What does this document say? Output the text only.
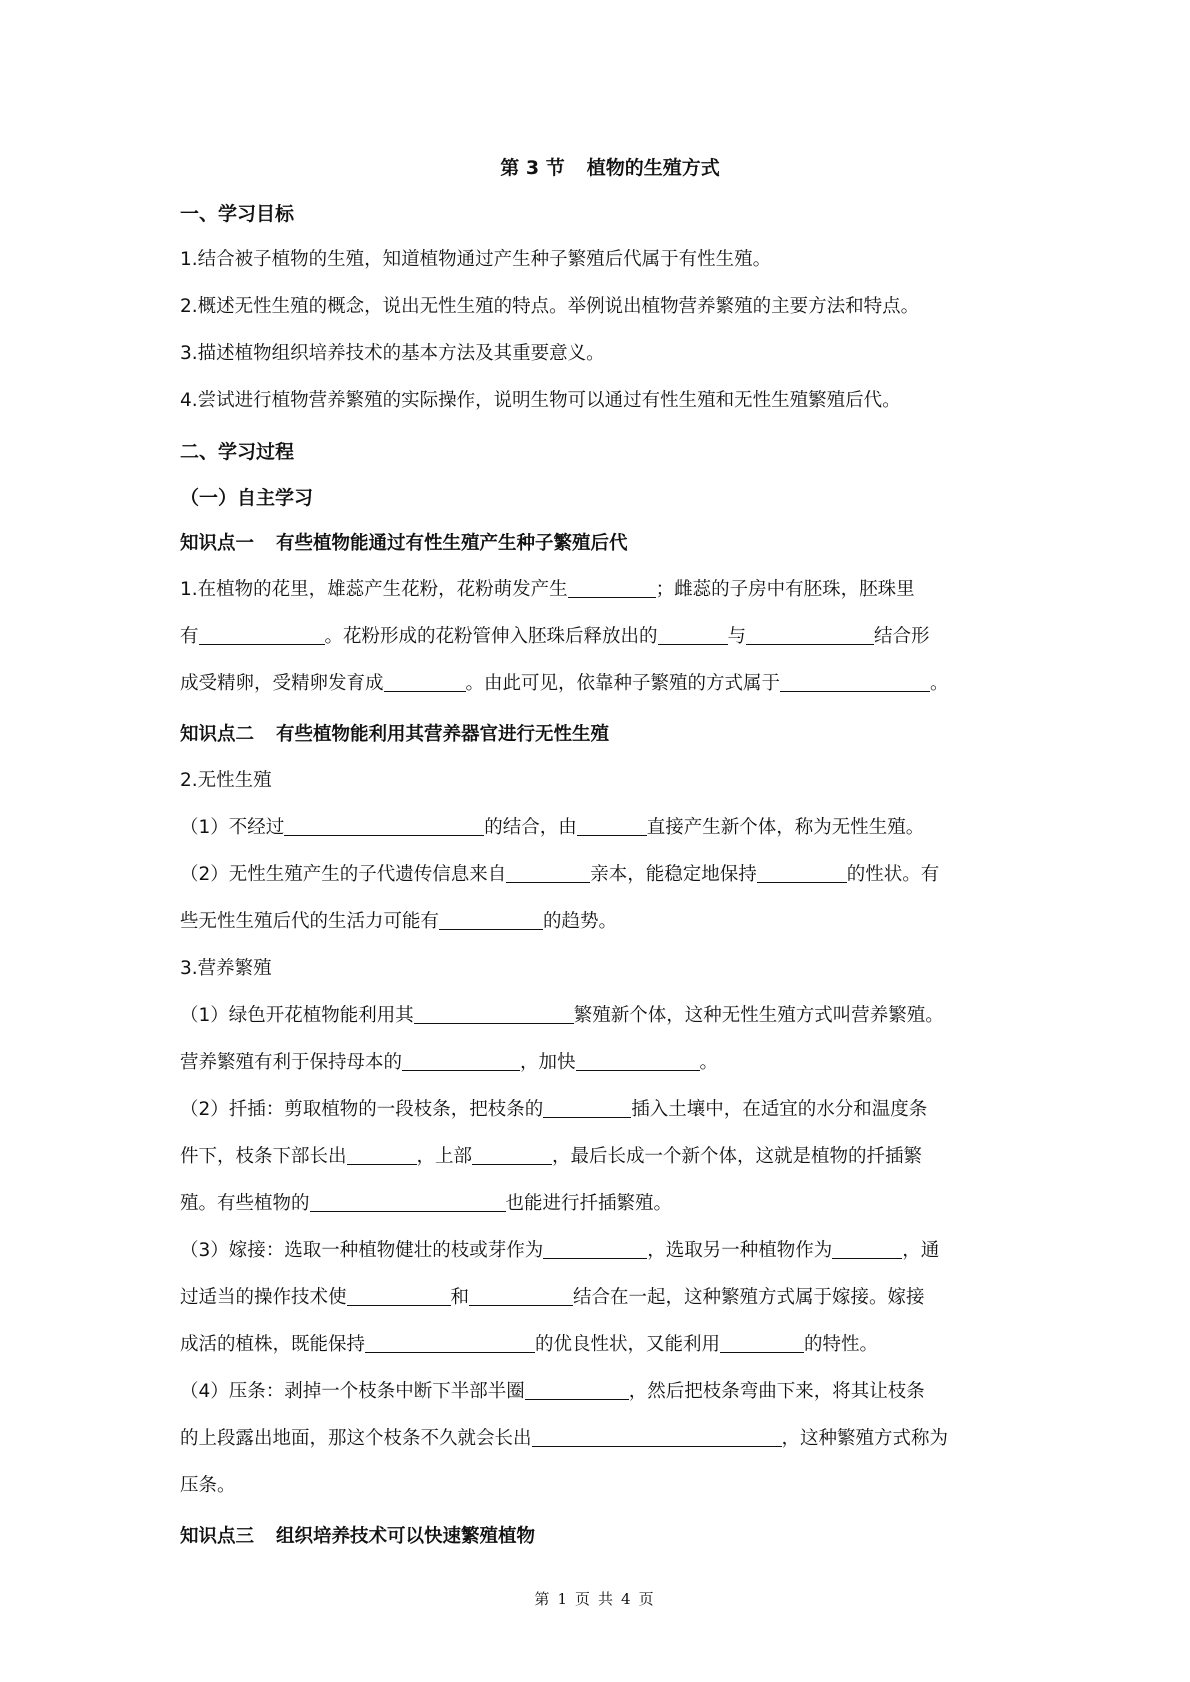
第 3 节 植物的生殖方式
一、学习目标

1.结合被子植物的生殖，知道植物通过产生种子繁殖后代属于有性生殖。

2.概述无性生殖的概念，说出无性生殖的特点。举例说出植物营养繁殖的主要方法和特点。

3.描述植物组织培养技术的基本方法及其重要意义。

4.尝试进行植物营养繁殖的实际操作，说明生物可以通过有性生殖和无性生殖繁殖后代。

二、学习过程
（一）自主学习
知识点一 有些植物能通过有性生殖产生种子繁殖后代

1.在植物的花里，雄蕊产生花粉，花粉萌发产生	；雌蕊的子房中有胚珠，胚珠里

有	。花粉形成的花粉管伸入胚珠后释放出的	与	结合形

成受精卵，受精卵发育成	。由此可见，依靠种子繁殖的方式属于	。

知识点二 有些植物能利用其营养器官进行无性生殖

2.无性生殖

（1）不经过	的结合，由	直接产生新个体，称为无性生殖。

（2）无性生殖产生的子代遗传信息来自	亲本，能稳定地保持	的性状。有

些无性生殖后代的生活力可能有	的趋势。

3.营养繁殖

（1）绿色开花植物能利用其	繁殖新个体，这种无性生殖方式叫营养繁殖。

营养繁殖有利于保持母本的	，加快	。

（2）扦插：剪取植物的一段枝条，把枝条的	插入土壤中，在适宜的水分和温度条

件下，枝条下部长出	，上部	，最后长成一个新个体，这就是植物的扦插繁

殖。有些植物的	也能进行扦插繁殖。

（3）嫁接：选取一种植物健壮的枝或芽作为	，选取另一种植物作为	，通

过适当的操作技术使	和	结合在一起，这种繁殖方式属于嫁接。嫁接

成活的植株，既能保持	的优良性状，又能利用	的特性。

（4）压条：剥掉一个枝条中断下半部半圈	，然后把枝条弯曲下来，将其让枝条

的上段露出地面，那这个枝条不久就会长出	，这种繁殖方式称为

压条。

知识点三 组织培养技术可以快速繁殖植物
第 1 页 共 4 页
